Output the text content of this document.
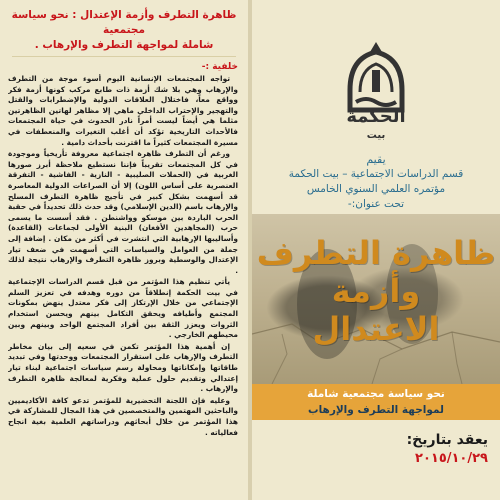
ظاهرة التطرف وأزمة الإعتدال : نحو سياسة مجتمعية
شاملة لمواجهة التطرف والإرهاب .
خلفية :-

تواجه المجتمعات الإنسانية اليوم أسوء موجة من التطرف والإرهاب وهي بلا شك أزمة ذات طابع مركب كونها أزمة فكر وواقع معاً، فاختلال العلاقات الدولية والإضطرابات والقتل والتهجير والإحتراب الداخلي ماهي إلا مظاهر لهاتين الظاهرتين مثلما هي أيضاً ليست أمراً نادر الحدوث في حياة المجتمعات فالأحداث التاريخية تؤكد أن أغلب التغيرات والمنعطفات في مسيرة المجتمعات كثيراً ما اقترنت بأحداث دامية .

ورغم أن التطرف ظاهرة اجتماعية معروفة تأريخياً وموجودة في كل المجتمعات تقريباً فإننا نستطيع ملاحظة أبرز صورها الغربية في (الحملات الصليبية - النازية - الفاشية - التفرقة العنصرية على أساس اللون) إلا أن الصراعات الدولية المعاصرة قد أسهمت بشكل كبير في تأجيج ظاهرة التطرف المسلح والإرهاب باسم (الدين الإسلامي) وقد حدث ذلك تحديداً في حقبة الحرب الباردة بين موسكو وواشنطن . فقد أسست ما يسمى حرب (المجاهدين الأفغان) البنية الأولى لجماعات (القاعدة) وأساليبها الإرهابية التي انتشرت في أكثر من مكان . إضافة إلى جملة من العوامل والسياسات التي أسهمت في ضعف تيار الإعتدال والوسطية وبروز ظاهرة التطرف والإرهاب نتيجة لذلك .

يأتي تنظيم هذا المؤتمر من قبل قسم الدراسات الإجتماعية في بيت الحكمة إنطلاقاً من دوره وهدفه في تعزيز السلم الإجتماعي من خلال الإرتكاز إلى فكر معتدل ينهض بمكونات المجتمع وأطيافه ويحقق التكامل بينهم ويحسن استخدام الثروات ويعزز الثقة بين أفراد المجتمع الواحد وبينهم وبين محيطهم الخارجي .

إن أهمية هذا المؤتمر تكمن في سعيه إلى بيان مخاطر التطرف والإرهاب على استقرار المجتمعات ووحدتها وفي تبديد طاقاتها وإمكاناتها ومحاولة رسم سياسات اجتماعية لبناء تيار إعتدالي وتقديم حلول عملية وفكرية لمعالجة ظاهرة التطرف والإرهاب .

وعليه فإن اللجنة التحضيرية للمؤتمر تدعو كافة الأكاديميين والباحثين المهتمين والمتخصصين في هذا المجال للمشاركة في هذا المؤتمر من خلال أبحاثهم ودراساتهم العلمية بغية انجاح فعالياته .

الحكمة
بيت
يقيم
قسم الدراسات الاجتماعية – بيت الحكمة
مؤتمره العلمي السنوي الخامس
تحت عنوان:-
ظاهرة التطرف
وأزمة
الاعتدال
نحو سياسة مجتمعية شاملة
لمواجهة التطرف والإرهاب
يعقد بتاريخ:
٢٠١٥/١٠/٢٩
